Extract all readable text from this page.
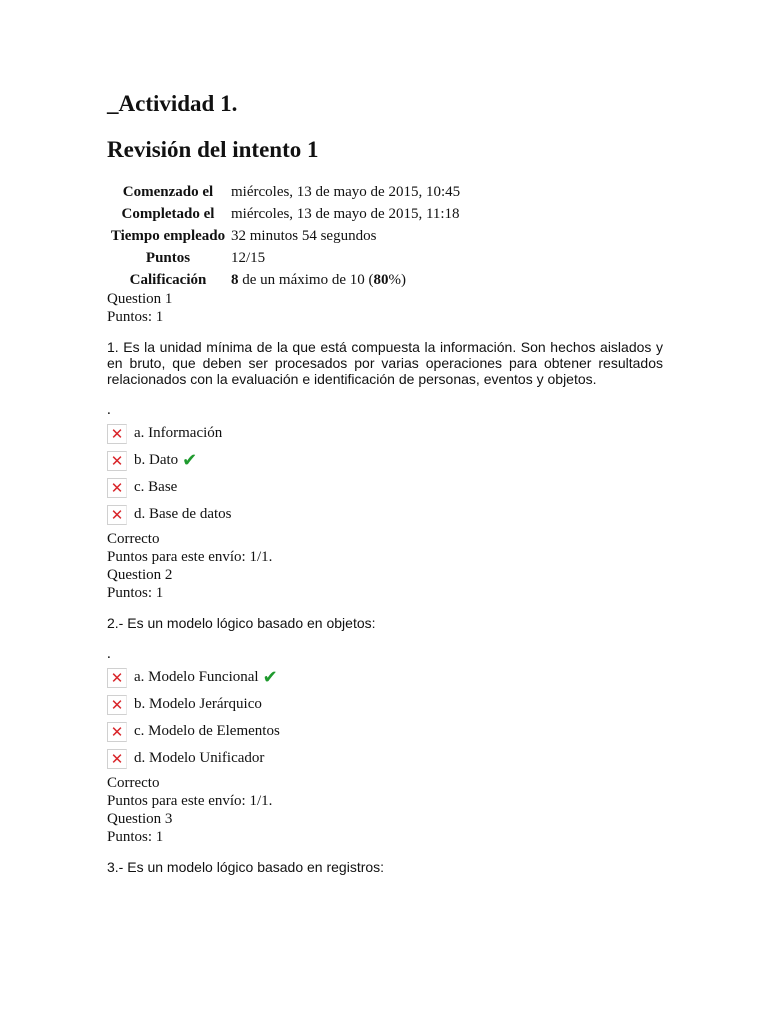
_Actividad 1.
Revisión del intento 1
Comenzado el	miércoles, 13 de mayo de 2015, 10:45
Completado el	miércoles, 13 de mayo de 2015, 11:18
Tiempo empleado	32 minutos 54 segundos
Puntos	12/15
Calificación	8 de un máximo de 10 (80%)
Question 1
Puntos: 1

1. Es la unidad mínima de la que está compuesta la información. Son hechos aislados y en bruto, que deben ser procesados por varias operaciones para obtener resultados relacionados con la evaluación e identificación de personas, eventos y objetos.

.
✕ a. Información
✕ b. Dato ✔
✕ c. Base
✕ d. Base de datos
Correcto
Puntos para este envío: 1/1.
Question 2
Puntos: 1

2.- Es un modelo lógico basado en objetos:

.
✕ a. Modelo Funcional ✔
✕ b. Modelo Jerárquico
✕ c. Modelo de Elementos
✕ d. Modelo Unificador
Correcto
Puntos para este envío: 1/1.
Question 3
Puntos: 1

3.- Es un modelo lógico basado en registros:
